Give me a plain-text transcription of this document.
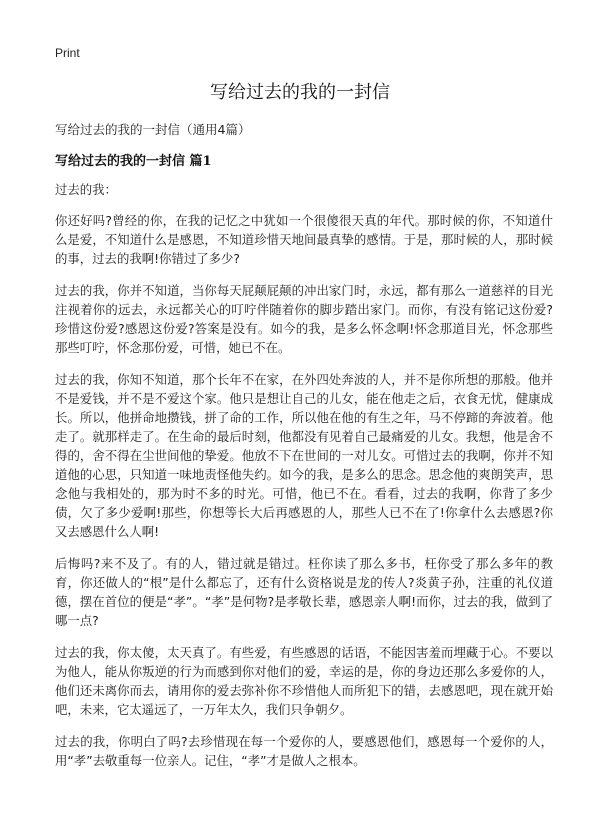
Print
写给过去的我的一封信
写给过去的我的一封信（通用4篇）
写给过去的我的一封信 篇1

过去的我：

你还好吗?曾经的你，在我的记忆之中犹如一个很傻很天真的年代。那时候的你，不知道什么是爱，不知道什么是感恩，不知道珍惜天地间最真挚的感情。于是，那时候的人，那时候的事，过去的我啊!你错过了多少?

过去的我，你并不知道，当你每天屁颠屁颠的冲出家门时，永远，都有那么一道慈祥的目光注视着你的远去，永远都关心的叮咛伴随着你的脚步踏出家门。而你，有没有铭记这份爱?珍惜这份爱?感恩这份爱?答案是没有。如今的我，是多么怀念啊!怀念那道目光，怀念那些那些叮咛，怀念那份爱，可惜，她已不在。

过去的我，你知不知道，那个长年不在家，在外四处奔波的人，并不是你所想的那般。他并不是爱钱，并不是不爱这个家。他只是想让自己的儿女，能在他走之后，衣食无忧，健康成长。所以，他拼命地攒钱，拼了命的工作，所以他在他的有生之年，马不停蹄的奔波着。他走了。就那样走了。在生命的最后时刻，他都没有见着自己最痛爱的儿女。我想，他是舍不得的，舍不得在尘世间他的挚爱。他放不下在世间的一对儿女。可惜过去的我啊，你并不知道他的心思，只知道一味地责怪他失约。如今的我，是多么的思念。思念他的爽朗笑声，思念他与我相处的，那为时不多的时光。可惜，他已不在。看看，过去的我啊，你背了多少债，欠了多少爱啊!那些，你想等长大后再感恩的人，那些人已不在了!你拿什么去感恩?你又去感恩什么人啊!

后悔吗?来不及了。有的人，错过就是错过。枉你读了那么多书，枉你受了那么多年的教育，你还做人的“根”是什么都忘了，还有什么资格说是龙的传人?炎黄子孙，注重的礼仪道德，摆在首位的便是“孝”。“孝”是何物?是孝敬长辈，感恩亲人啊!而你，过去的我，做到了哪一点?

过去的我，你太傻，太天真了。有些爱，有些感恩的话语，不能因害羞而埋藏于心。不要以为他人，能从你叛逆的行为而感到你对他们的爱，幸运的是，你的身边还那么多爱你的人，他们还未离你而去，请用你的爱去弥补你不珍惜他人而所犯下的错，去感恩吧，现在就开始吧，未来，它太遥远了，一万年太久，我们只争朝夕。

过去的我，你明白了吗?去珍惜现在每一个爱你的人，要感恩他们，感恩每一个爱你的人，用“孝”去敬重每一位亲人。记住，“孝”才是做人之根本。
